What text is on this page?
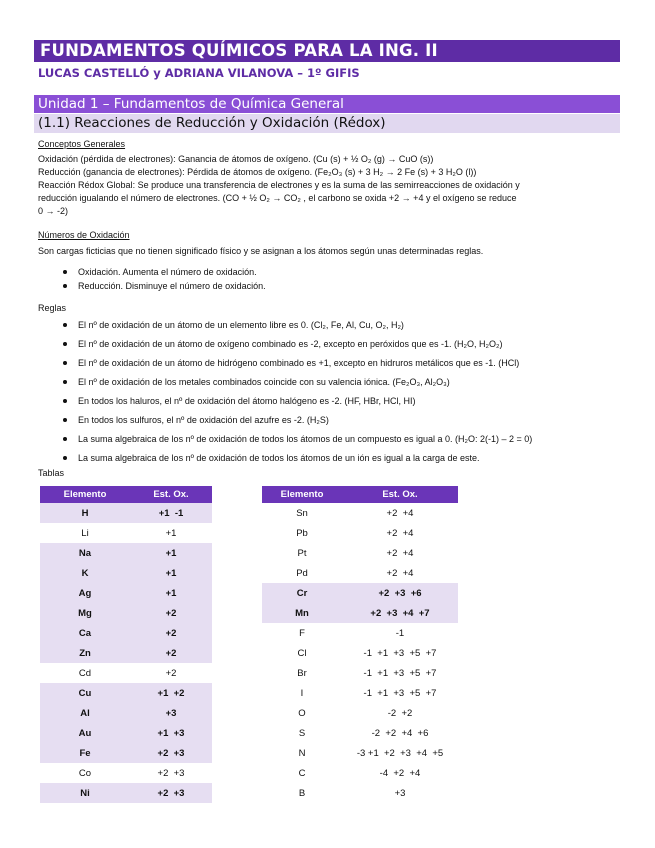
FUNDAMENTOS QUÍMICOS PARA LA ING. II
LUCAS CASTELLÓ y ADRIANA VILANOVA – 1º GIFIS
Unidad 1 – Fundamentos de Química General
(1.1) Reacciones de Reducción y Oxidación (Rédox)
Conceptos Generales
Oxidación (pérdida de electrones): Ganancia de átomos de oxígeno. (Cu (s) + ½ O₂ (g) → CuO (s))
Reducción (ganancia de electrones): Pérdida de átomos de oxígeno. (Fe₂O₃ (s) + 3 H₂ → 2 Fe (s) + 3 H₂O (l))
Reacción Rédox Global: Se produce una transferencia de electrones y es la suma de las semirreacciones de oxidación y
reducción igualando el número de electrones. (CO + ½ O₂ → CO₂ , el carbono se oxida +2 → +4 y el oxígeno se reduce
0 → -2)
Números de Oxidación
Son cargas ficticias que no tienen significado físico y se asignan a los átomos según unas determinadas reglas.
Oxidación. Aumenta el número de oxidación.
Reducción. Disminuye el número de oxidación.
Reglas
El nº de oxidación de un átomo de un elemento libre es 0. (Cl₂, Fe, Al, Cu, O₂, H₂)
El nº de oxidación de un átomo de oxígeno combinado es -2, excepto en peróxidos que es -1. (H₂O, H₂O₂)
El nº de oxidación de un átomo de hidrógeno combinado es +1, excepto en hidruros metálicos que es -1. (HCl)
El nº de oxidación de los metales combinados coincide con su valencia iónica. (Fe₂O₃, Al₂O₃)
En todos los haluros, el nº de oxidación del átomo halógeno es -2. (HF, HBr, HCl, HI)
En todos los sulfuros, el nº de oxidación del azufre es -2. (H₂S)
La suma algebraica de los nº de oxidación de todos los átomos de un compuesto es igual a 0. (H₂O: 2(-1) – 2 = 0)
La suma algebraica de los nº de oxidación de todos los átomos de un ión es igual a la carga de este.
Tablas
Elemento	Est. Ox.
H	+1  -1
Li	+1
Na	+1
K	+1
Ag	+1
Mg	+2
Ca	+2
Zn	+2
Cd	+2
Cu	+1  +2
Al	+3
Au	+1  +3
Fe	+2  +3
Co	+2  +3
Ni	+2  +3
Elemento	Est. Ox.
Sn	+2  +4
Pb	+2  +4
Pt	+2  +4
Pd	+2  +4
Cr	+2  +3  +6
Mn	+2  +3  +4  +7
F	-1
Cl	-1  +1  +3  +5  +7
Br	-1  +1  +3  +5  +7
I	-1  +1  +3  +5  +7
O	-2  +2
S	-2  +2  +4  +6
N	-3 +1  +2  +3  +4  +5
C	-4  +2  +4
B	+3
